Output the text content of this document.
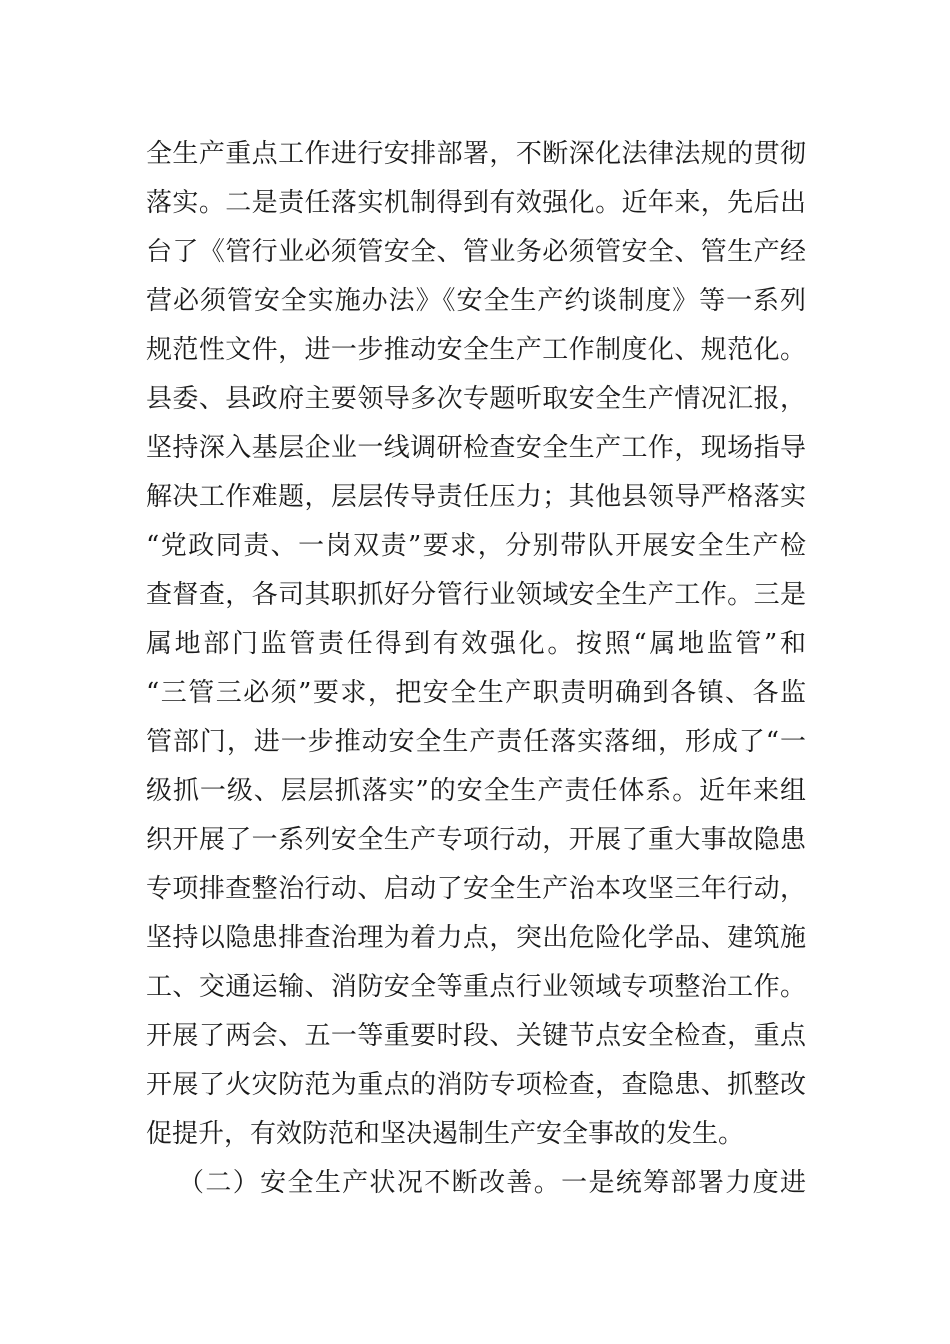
全生产重点工作进行安排部署，不断深化法律法规的贯彻
落实。二是责任落实机制得到有效强化。近年来，先后出
台了《管行业必须管安全、管业务必须管安全、管生产经
营必须管安全实施办法》《安全生产约谈制度》等一系列
规范性文件，进一步推动安全生产工作制度化、规范化。
县委、县政府主要领导多次专题听取安全生产情况汇报，
坚持深入基层企业一线调研检查安全生产工作，现场指导
解决工作难题，层层传导责任压力；其他县领导严格落实
“党政同责、一岗双责”要求，分别带队开展安全生产检
查督查，各司其职抓好分管行业领域安全生产工作。三是
属地部门监管责任得到有效强化。按照“属地监管”和
“三管三必须”要求，把安全生产职责明确到各镇、各监
管部门，进一步推动安全生产责任落实落细，形成了“一
级抓一级、层层抓落实”的安全生产责任体系。近年来组
织开展了一系列安全生产专项行动，开展了重大事故隐患
专项排查整治行动、启动了安全生产治本攻坚三年行动，
坚持以隐患排查治理为着力点，突出危险化学品、建筑施
工、交通运输、消防安全等重点行业领域专项整治工作。
开展了两会、五一等重要时段、关键节点安全检查，重点
开展了火灾防范为重点的消防专项检查，查隐患、抓整改
促提升，有效防范和坚决遏制生产安全事故的发生。
（二）安全生产状况不断改善。一是统筹部署力度进
